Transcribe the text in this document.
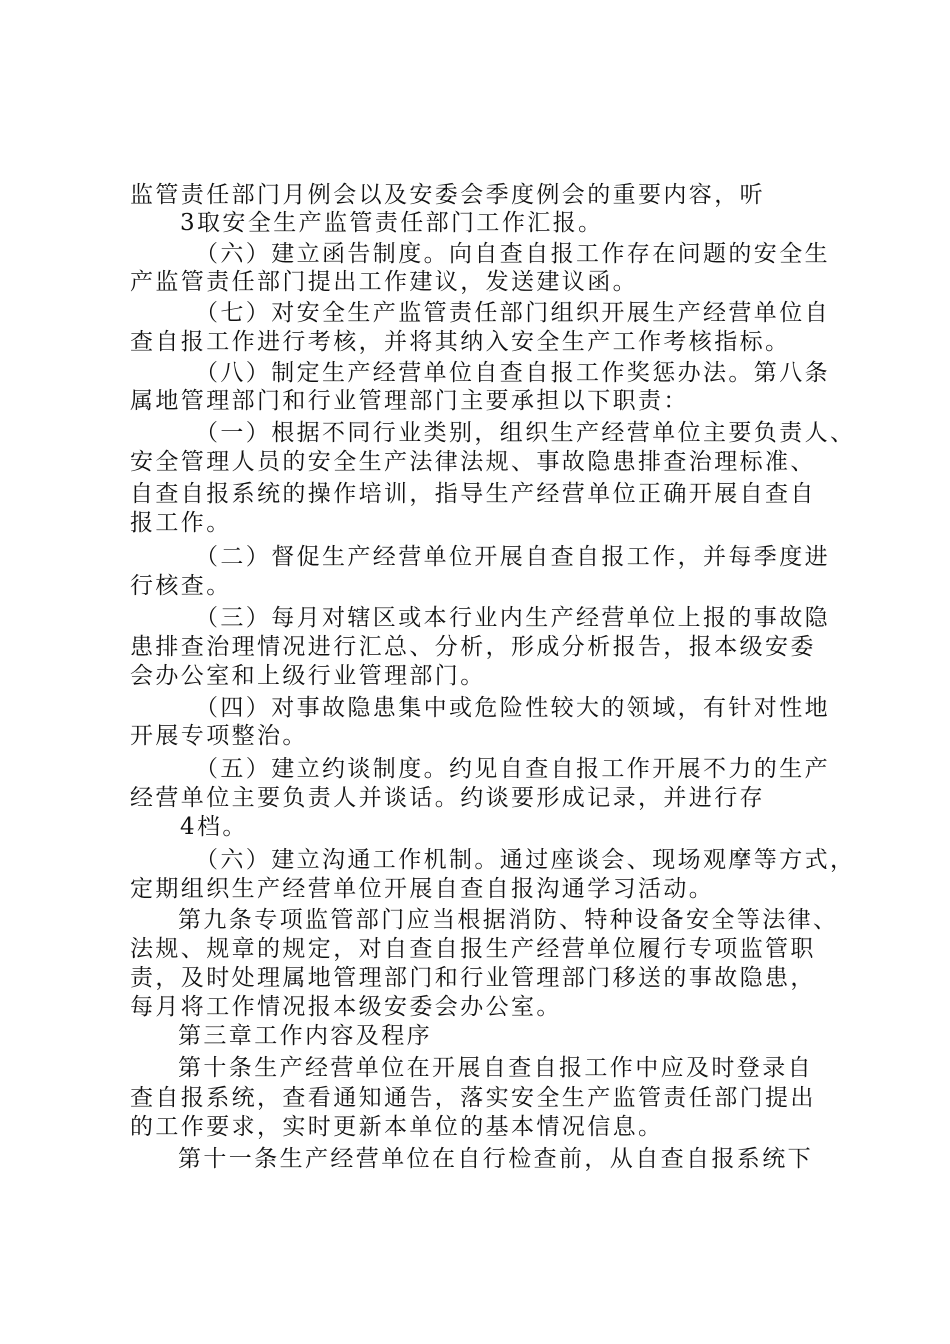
监管责任部门月例会以及安委会季度例会的重要内容，听
3取安全生产监管责任部门工作汇报。
（六）建立函告制度。向自查自报工作存在问题的安全生
产监管责任部门提出工作建议，发送建议函。
（七）对安全生产监管责任部门组织开展生产经营单位自
查自报工作进行考核，并将其纳入安全生产工作考核指标。
（八）制定生产经营单位自查自报工作奖惩办法。第八条
属地管理部门和行业管理部门主要承担以下职责：
（一）根据不同行业类别，组织生产经营单位主要负责人、
安全管理人员的安全生产法律法规、事故隐患排查治理标准、
自查自报系统的操作培训，指导生产经营单位正确开展自查自
报工作。
（二）督促生产经营单位开展自查自报工作，并每季度进
行核查。
（三）每月对辖区或本行业内生产经营单位上报的事故隐
患排查治理情况进行汇总、分析，形成分析报告，报本级安委
会办公室和上级行业管理部门。
（四）对事故隐患集中或危险性较大的领域，有针对性地
开展专项整治。
（五）建立约谈制度。约见自查自报工作开展不力的生产
经营单位主要负责人并谈话。约谈要形成记录，并进行存
4档。
（六）建立沟通工作机制。通过座谈会、现场观摩等方式，
定期组织生产经营单位开展自查自报沟通学习活动。
第九条专项监管部门应当根据消防、特种设备安全等法律、
法规、规章的规定，对自查自报生产经营单位履行专项监管职
责，及时处理属地管理部门和行业管理部门移送的事故隐患，
每月将工作情况报本级安委会办公室。
第三章工作内容及程序
第十条生产经营单位在开展自查自报工作中应及时登录自
查自报系统，查看通知通告，落实安全生产监管责任部门提出
的工作要求，实时更新本单位的基本情况信息。
第十一条生产经营单位在自行检查前，从自查自报系统下
